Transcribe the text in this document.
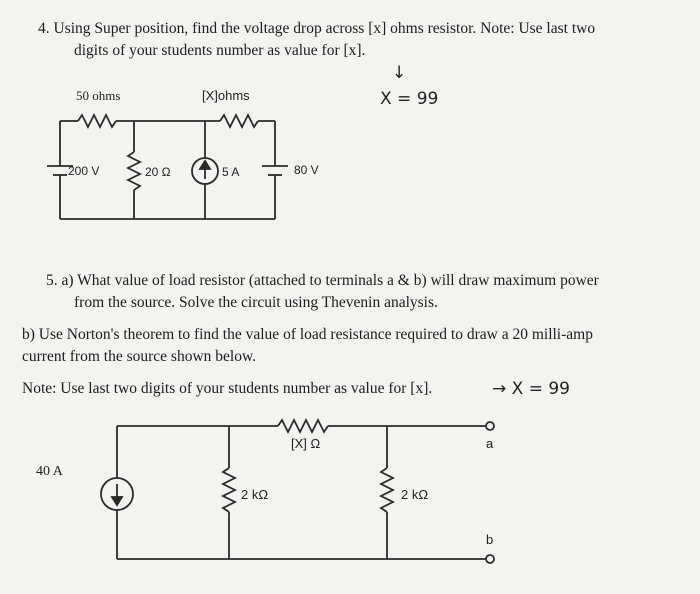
4. Using Super position, find the voltage drop across [x] ohms resistor. Note: Use last two
digits of your students number as value for [x].
↓
X = 99
50 ohms	[X]ohms
200 V	20 Ω	5 A	80 V
5. a) What value of load resistor (attached to terminals a & b) will draw maximum power
from the source. Solve the circuit using Thevenin analysis.
b) Use Norton's theorem to find the value of load resistance required to draw a 20 milli-amp
current from the source shown below.
Note: Use last two digits of your students number as value for [x].	→ X = 99
40 A
[X] Ω
2 kΩ	2 kΩ
a
b
